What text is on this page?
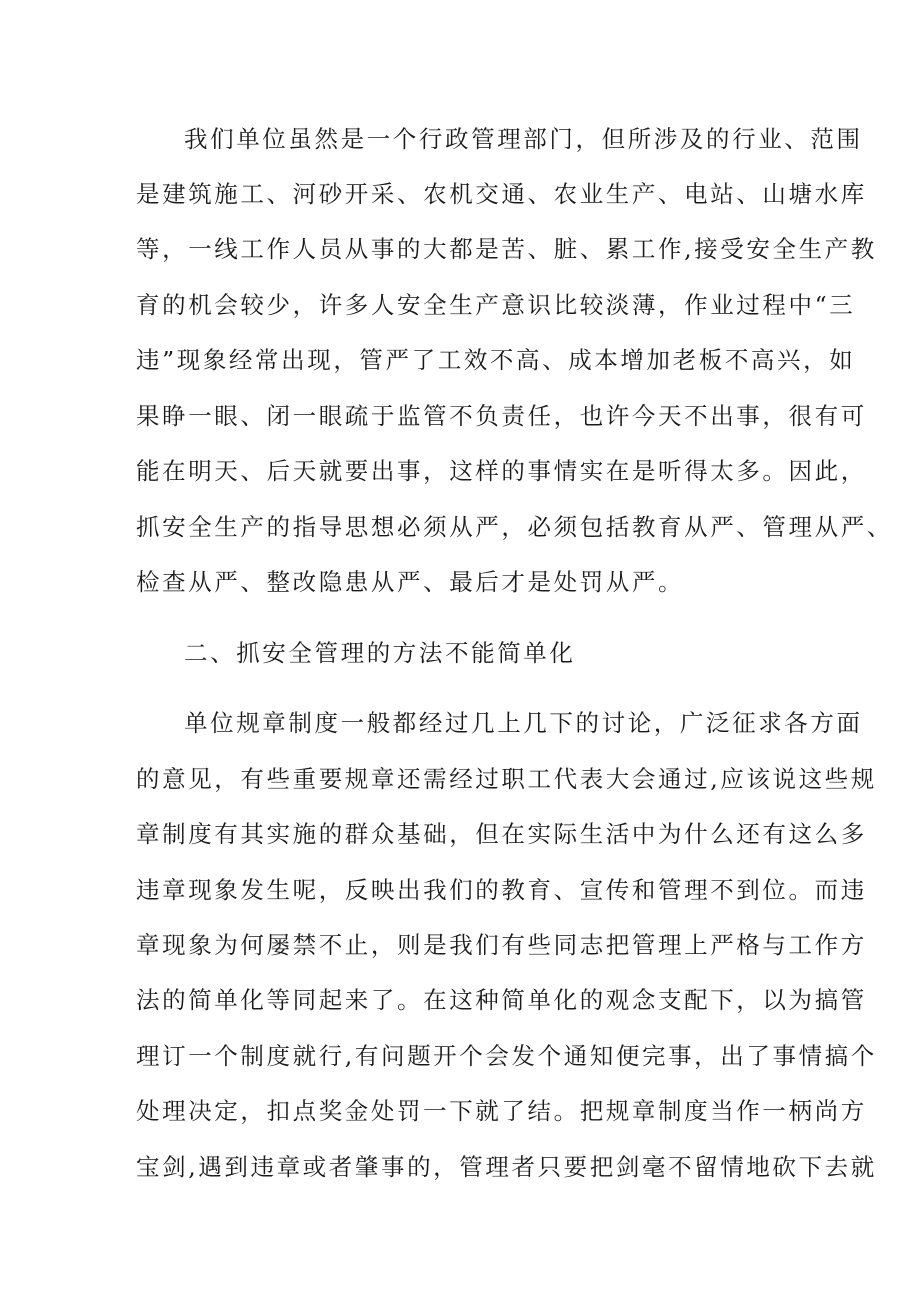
我们单位虽然是一个行政管理部门，但所涉及的行业、范围

是建筑施工、河砂开采、农机交通、农业生产、电站、山塘水库

等，一线工作人员从事的大都是苦、脏、累工作,接受安全生产教

育的机会较少，许多人安全生产意识比较淡薄，作业过程中“三

违”现象经常出现，管严了工效不高、成本增加老板不高兴，如

果睁一眼、闭一眼疏于监管不负责任，也许今天不出事，很有可

能在明天、后天就要出事，这样的事情实在是听得太多。因此，

抓安全生产的指导思想必须从严，必须包括教育从严、管理从严、

检查从严、整改隐患从严、最后才是处罚从严。

二、抓安全管理的方法不能简单化

单位规章制度一般都经过几上几下的讨论，广泛征求各方面

的意见，有些重要规章还需经过职工代表大会通过,应该说这些规

章制度有其实施的群众基础，但在实际生活中为什么还有这么多

违章现象发生呢，反映出我们的教育、宣传和管理不到位。而违

章现象为何屡禁不止，则是我们有些同志把管理上严格与工作方

法的简单化等同起来了。在这种简单化的观念支配下，以为搞管

理订一个制度就行,有问题开个会发个通知便完事，出了事情搞个

处理决定，扣点奖金处罚一下就了结。把规章制度当作一柄尚方

宝剑,遇到违章或者肇事的，管理者只要把剑毫不留情地砍下去就
